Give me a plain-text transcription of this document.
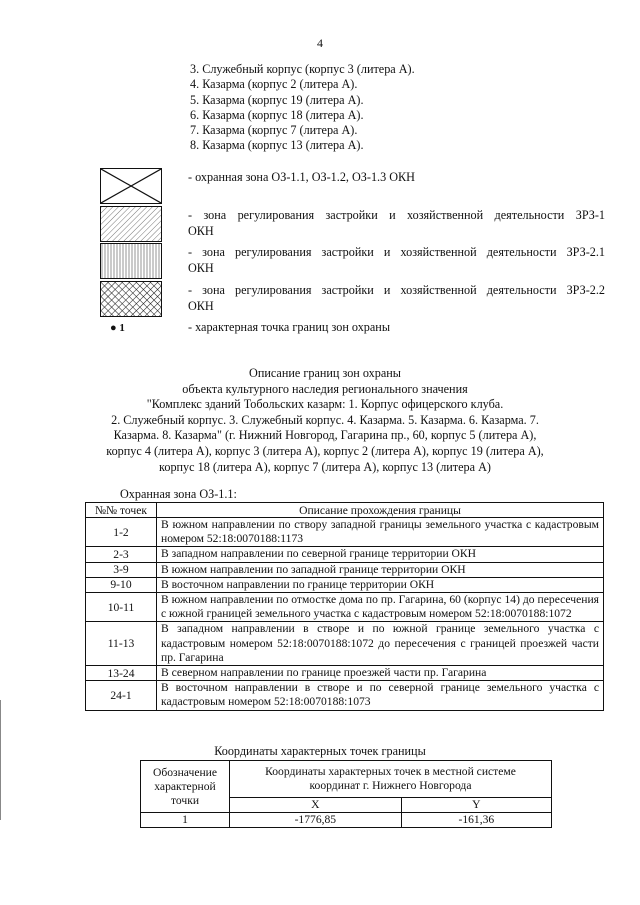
4
3. Служебный корпус (корпус 3 (литера А).
4. Казарма (корпус 2 (литера А).
5. Казарма (корпус 19 (литера А).
6. Казарма (корпус 18 (литера А).
7. Казарма (корпус 7 (литера А).
8. Казарма (корпус 13 (литера А).
- охранная зона ОЗ-1.1, ОЗ-1.2, ОЗ-1.3 ОКН
- зона регулирования застройки и хозяйственной деятельности ЗРЗ-1
ОКН
- зона регулирования застройки и хозяйственной деятельности ЗРЗ-2.1
ОКН
- зона регулирования застройки и хозяйственной деятельности ЗРЗ-2.2
ОКН
● 1	- характерная точка границ зон охраны
Описание границ зон охраны
объекта культурного наследия регионального значения
"Комплекс зданий Тобольских казарм: 1. Корпус офицерского клуба.
2. Служебный корпус. 3. Служебный корпус. 4. Казарма. 5. Казарма. 6. Казарма. 7.
Казарма. 8. Казарма" (г. Нижний Новгород, Гагарина пр., 60, корпус 5 (литера А),
корпус 4 (литера А), корпус 3 (литера А), корпус 2 (литера А), корпус 19 (литера А),
корпус 18 (литера А), корпус 7 (литера А), корпус 13 (литера А)
Охранная зона ОЗ-1.1:
№№ точек	Описание прохождения границы
1-2	В южном направлении по створу западной границы земельного участка с кадастровым номером 52:18:0070188:1173
2-3	В западном направлении по северной границе территории ОКН
3-9	В южном направлении по западной границе территории ОКН
9-10	В восточном направлении по границе территории ОКН
10-11	В южном направлении по отмостке дома по пр. Гагарина, 60 (корпус 14) до пересечения с южной границей земельного участка с кадастровым номером 52:18:0070188:1072
11-13	В западном направлении в створе и по южной границе земельного участка с кадастровым номером 52:18:0070188:1072 до пересечения с границей проезжей части пр. Гагарина
13-24	В северном направлении по границе проезжей части пр. Гагарина
24-1	В восточном направлении в створе и по северной границе земельного участка с кадастровым номером 52:18:0070188:1073
Координаты характерных точек границы
Обозначение характерной точки	Координаты характерных точек в местной системе координат г. Нижнего Новгорода	
	X	Y
1	-1776,85	-161,36
